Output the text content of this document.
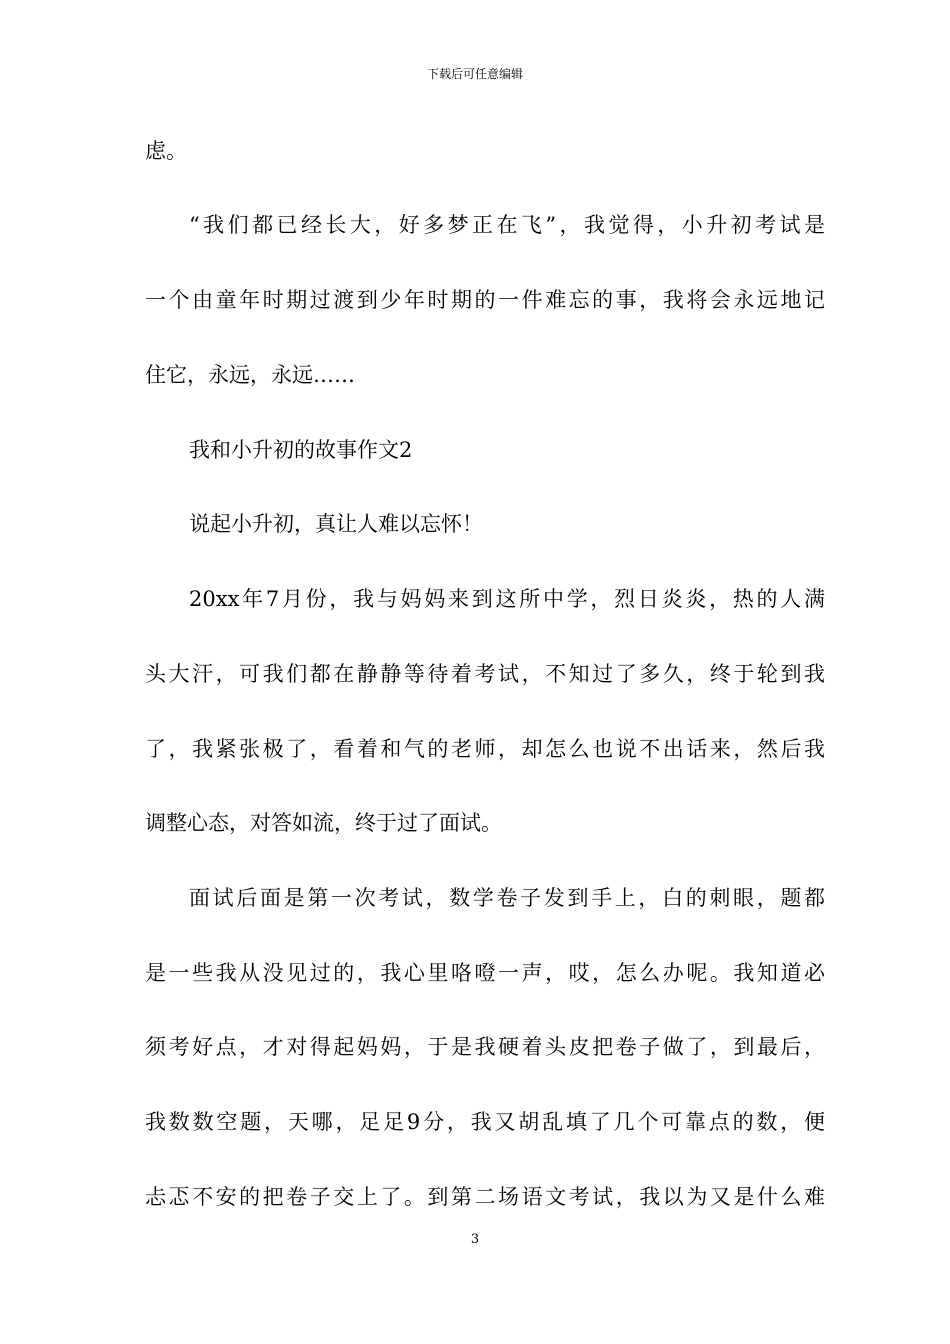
下载后可任意编辑
虑。
“我们都已经长大，好多梦正在飞”，我觉得，小升初考试是
一个由童年时期过渡到少年时期的一件难忘的事，我将会永远地记
住它，永远，永远……
我和小升初的故事作文2
说起小升初，真让人难以忘怀！
20xx年7月份，我与妈妈来到这所中学，烈日炎炎，热的人满
头大汗，可我们都在静静等待着考试，不知过了多久，终于轮到我
了，我紧张极了，看着和气的老师，却怎么也说不出话来，然后我
调整心态，对答如流，终于过了面试。
面试后面是第一次考试，数学卷子发到手上，白的刺眼，题都
是一些我从没见过的，我心里咯噔一声，哎，怎么办呢。我知道必
须考好点，才对得起妈妈，于是我硬着头皮把卷子做了，到最后，
我数数空题，天哪，足足9分，我又胡乱填了几个可靠点的数，便
忐忑不安的把卷子交上了。到第二场语文考试，我以为又是什么难
3
